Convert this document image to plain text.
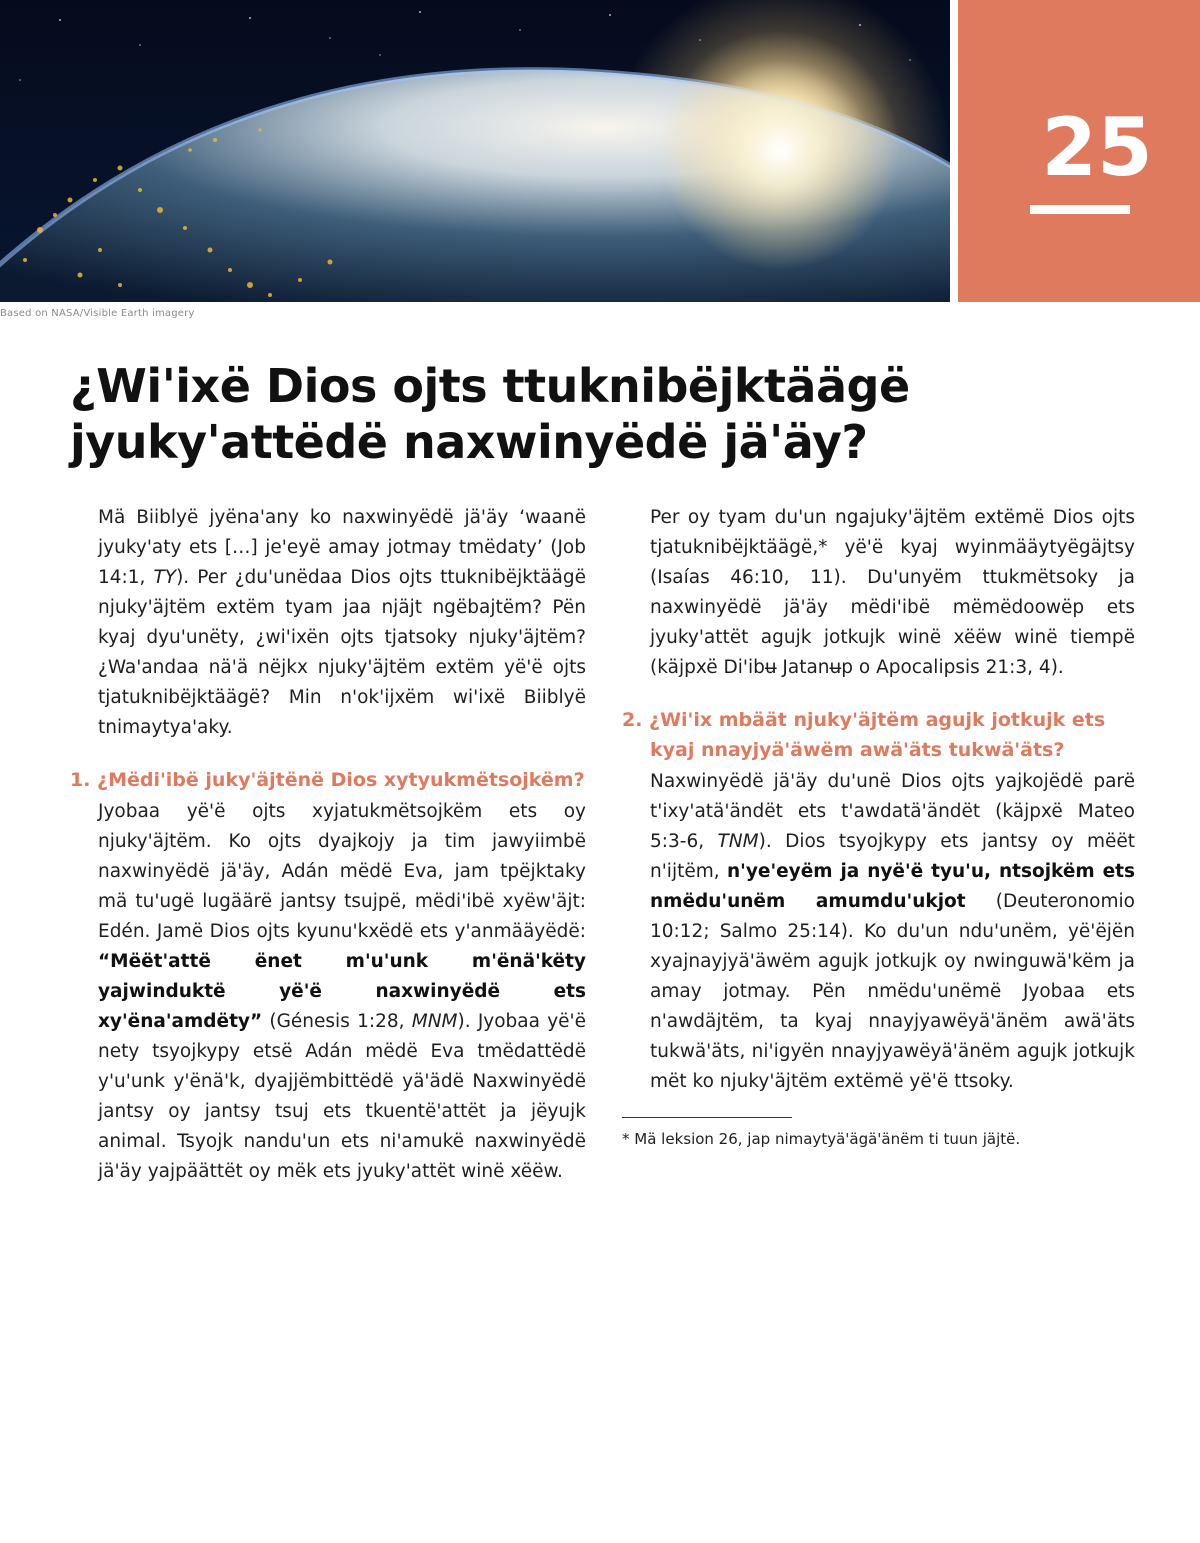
Based on NASA/Visible Earth imagery
25
¿Wi'ixë Dios ojts ttuknibëjktäägë
jyuky'attëdë naxwinyëdë jä'äy?

Mä Biiblyë jyëna'any ko naxwinyëdë jä'äy ‘waanë jyuky'aty ets […] je'eyë amay jotmay tmëdaty’ (Job 14:1, TY). Per ¿du'unëdaa Dios ojts ttuknibëjktäägë njuky'äjtëm extëm tyam jaa njäjt ngëbajtëm? Pën kyaj dyu'unëty, ¿wi'ixën ojts tjatsoky njuky'äjtëm? ¿Wa'andaa nä'ä nëjkx njuky'äjtëm extëm yë'ë ojts tjatuknibëjktäägë? Min n'ok'ijxëm wi'ixë Biiblyë tnimaytya'aky.

1. ¿Mëdi'ibë juky'äjtënë Dios xytyukmëtsojkëm?

Jyobaa yë'ë ojts xyjatukmëtsojkëm ets oy njuky'äjtëm. Ko ojts dyajkojy ja tim jawyiimbë naxwinyëdë jä'äy, Adán mëdë Eva, jam tpëjktaky mä tu'ugë lugäärë jantsy tsujpë, mëdi'ibë xyëw'äjt: Edén. Jamë Dios ojts kyunu'kxëdë ets y'anmääyëdë: “Mëët'attë ënet m'u'unk m'ënä'këty yajwinduktë yë'ë naxwinyëdë ets xy'ëna'amdëty” (Génesis 1:28, MNM). Jyobaa yë'ë nety tsyojkypy etsë Adán mëdë Eva tmëdattëdë y'u'unk y'ënä'k, dyajjëmbittëdë yä'ädë Naxwinyëdë jantsy oy jantsy tsuj ets tkuentë'attët ja jëyujk animal. Tsyojk nandu'un ets ni'amukë naxwinyëdë jä'äy yajpäättët oy mëk ets jyuky'attët winë xëëw.

Per oy tyam du'un ngajuky'äjtëm extëmë Dios ojts tjatuknibëjktäägë,* yë'ë kyaj wyinmääytyëgäjtsy (Isaías 46:10, 11). Du'unyëm ttukmëtsoky ja naxwinyëdë jä'äy mëdi'ibë mëmëdoowëp ets jyuky'attët agujk jotkujk winë xëëw winë tiempë (käjpxë Di'ibʉ Jatanʉp o Apocalipsis 21:3, 4).

2. ¿Wi'ix mbäät njuky'äjtëm agujk jotkujk ets kyaj nnayjyä'äwëm awä'äts tukwä'äts?

Naxwinyëdë jä'äy du'unë Dios ojts yajkojëdë parë t'ixy'atä'ändët ets t'awdatä'ändët (käjpxë Mateo 5:3-6, TNM). Dios tsyojkypy ets jantsy oy mëët n'ijtëm, n'ye'eyëm ja nyë'ë tyu'u, ntsojkëm ets nmëdu'unëm amumdu'ukjot (Deuteronomio 10:12; Salmo 25:14). Ko du'un ndu'unëm, yë'ëjën xyajnayjyä'äwëm agujk jotkujk oy nwinguwä'këm ja amay jotmay. Pën nmëdu'unëmë Jyobaa ets n'awdäjtëm, ta kyaj nnayjyawëyä'änëm awä'äts tukwä'äts, ni'igyën nnayjyawëyä'änëm agujk jotkujk mët ko njuky'äjtëm extëmë yë'ë ttsoky.

* Mä leksion 26, jap nimaytyä'ägä'änëm ti tuun jäjtë.
